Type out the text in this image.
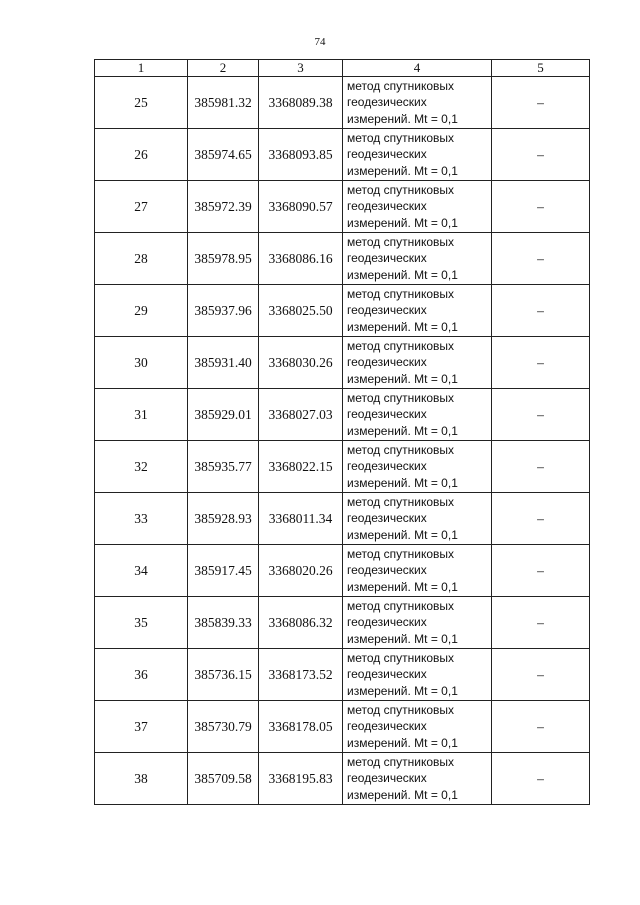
74
1	2	3	4	5
25	385981.32	3368089.38	метод спутниковых
геодезических
измерений. Mt = 0,1	–
26	385974.65	3368093.85	метод спутниковых
геодезических
измерений. Mt = 0,1	–
27	385972.39	3368090.57	метод спутниковых
геодезических
измерений. Mt = 0,1	–
28	385978.95	3368086.16	метод спутниковых
геодезических
измерений. Mt = 0,1	–
29	385937.96	3368025.50	метод спутниковых
геодезических
измерений. Mt = 0,1	–
30	385931.40	3368030.26	метод спутниковых
геодезических
измерений. Mt = 0,1	–
31	385929.01	3368027.03	метод спутниковых
геодезических
измерений. Mt = 0,1	–
32	385935.77	3368022.15	метод спутниковых
геодезических
измерений. Mt = 0,1	–
33	385928.93	3368011.34	метод спутниковых
геодезических
измерений. Mt = 0,1	–
34	385917.45	3368020.26	метод спутниковых
геодезических
измерений. Mt = 0,1	–
35	385839.33	3368086.32	метод спутниковых
геодезических
измерений. Mt = 0,1	–
36	385736.15	3368173.52	метод спутниковых
геодезических
измерений. Mt = 0,1	–
37	385730.79	3368178.05	метод спутниковых
геодезических
измерений. Mt = 0,1	–
38	385709.58	3368195.83	метод спутниковых
геодезических
измерений. Mt = 0,1	–
